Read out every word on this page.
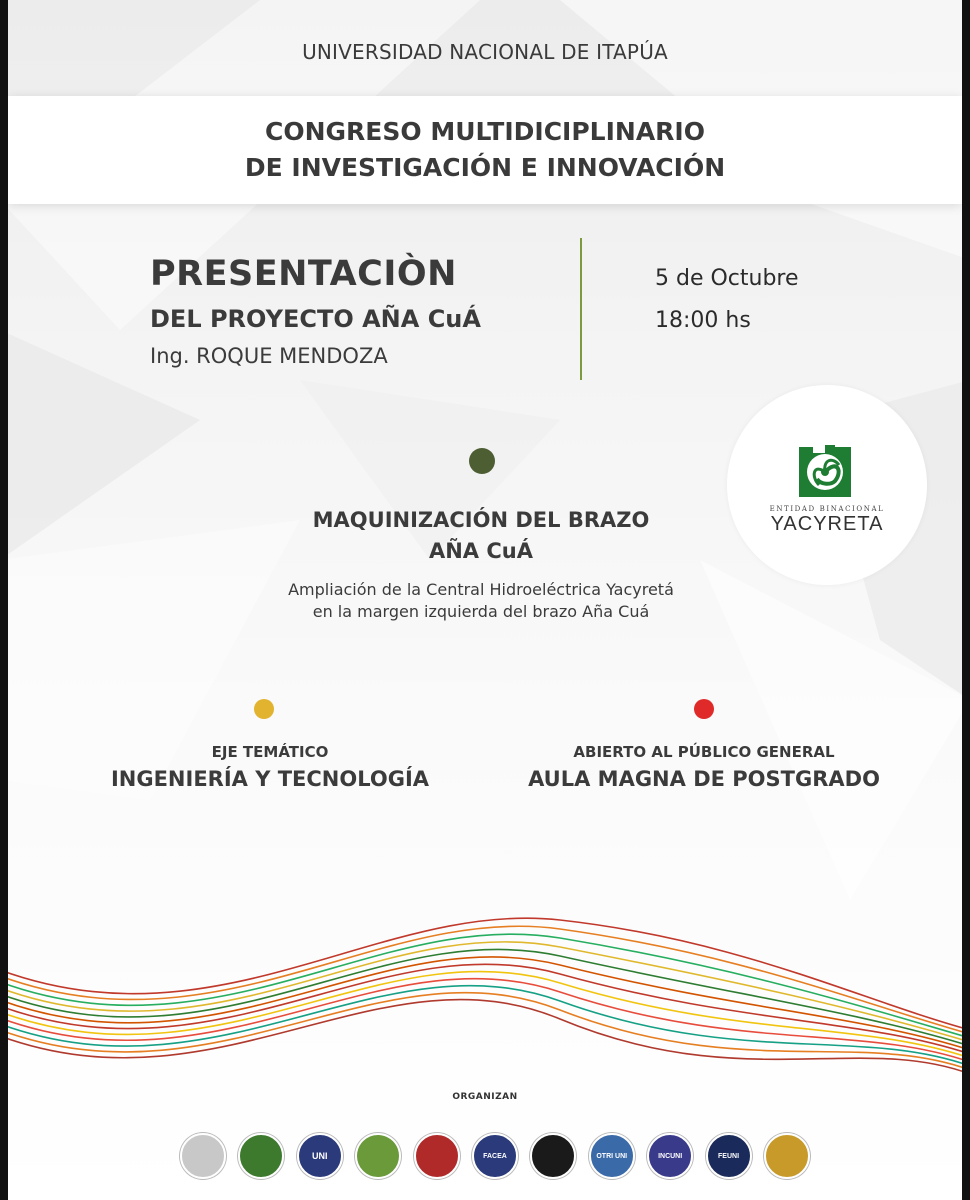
UNIVERSIDAD NACIONAL DE ITAPÚA
CONGRESO MULTIDICIPLINARIO
DE INVESTIGACIÓN E INNOVACIÓN
PRESENTACIÒN
DEL PROYECTO AÑA CuÁ
Ing. ROQUE MENDOZA
5 de Octubre
18:00 hs
ENTIDAD BINACIONAL
YACYRETA
MAQUINIZACIÓN DEL BRAZO
AÑA CuÁ
Ampliación de la Central Hidroeléctrica Yacyretá
en la margen izquierda del brazo Aña Cuá
EJE TEMÁTICO
INGENIERÍA Y TECNOLOGÍA
ABIERTO AL PÚBLICO GENERAL
AULA MAGNA DE POSTGRADO
ORGANIZAN
UNI	FACEA	OTRI UNI	INCUNI	FEUNI
